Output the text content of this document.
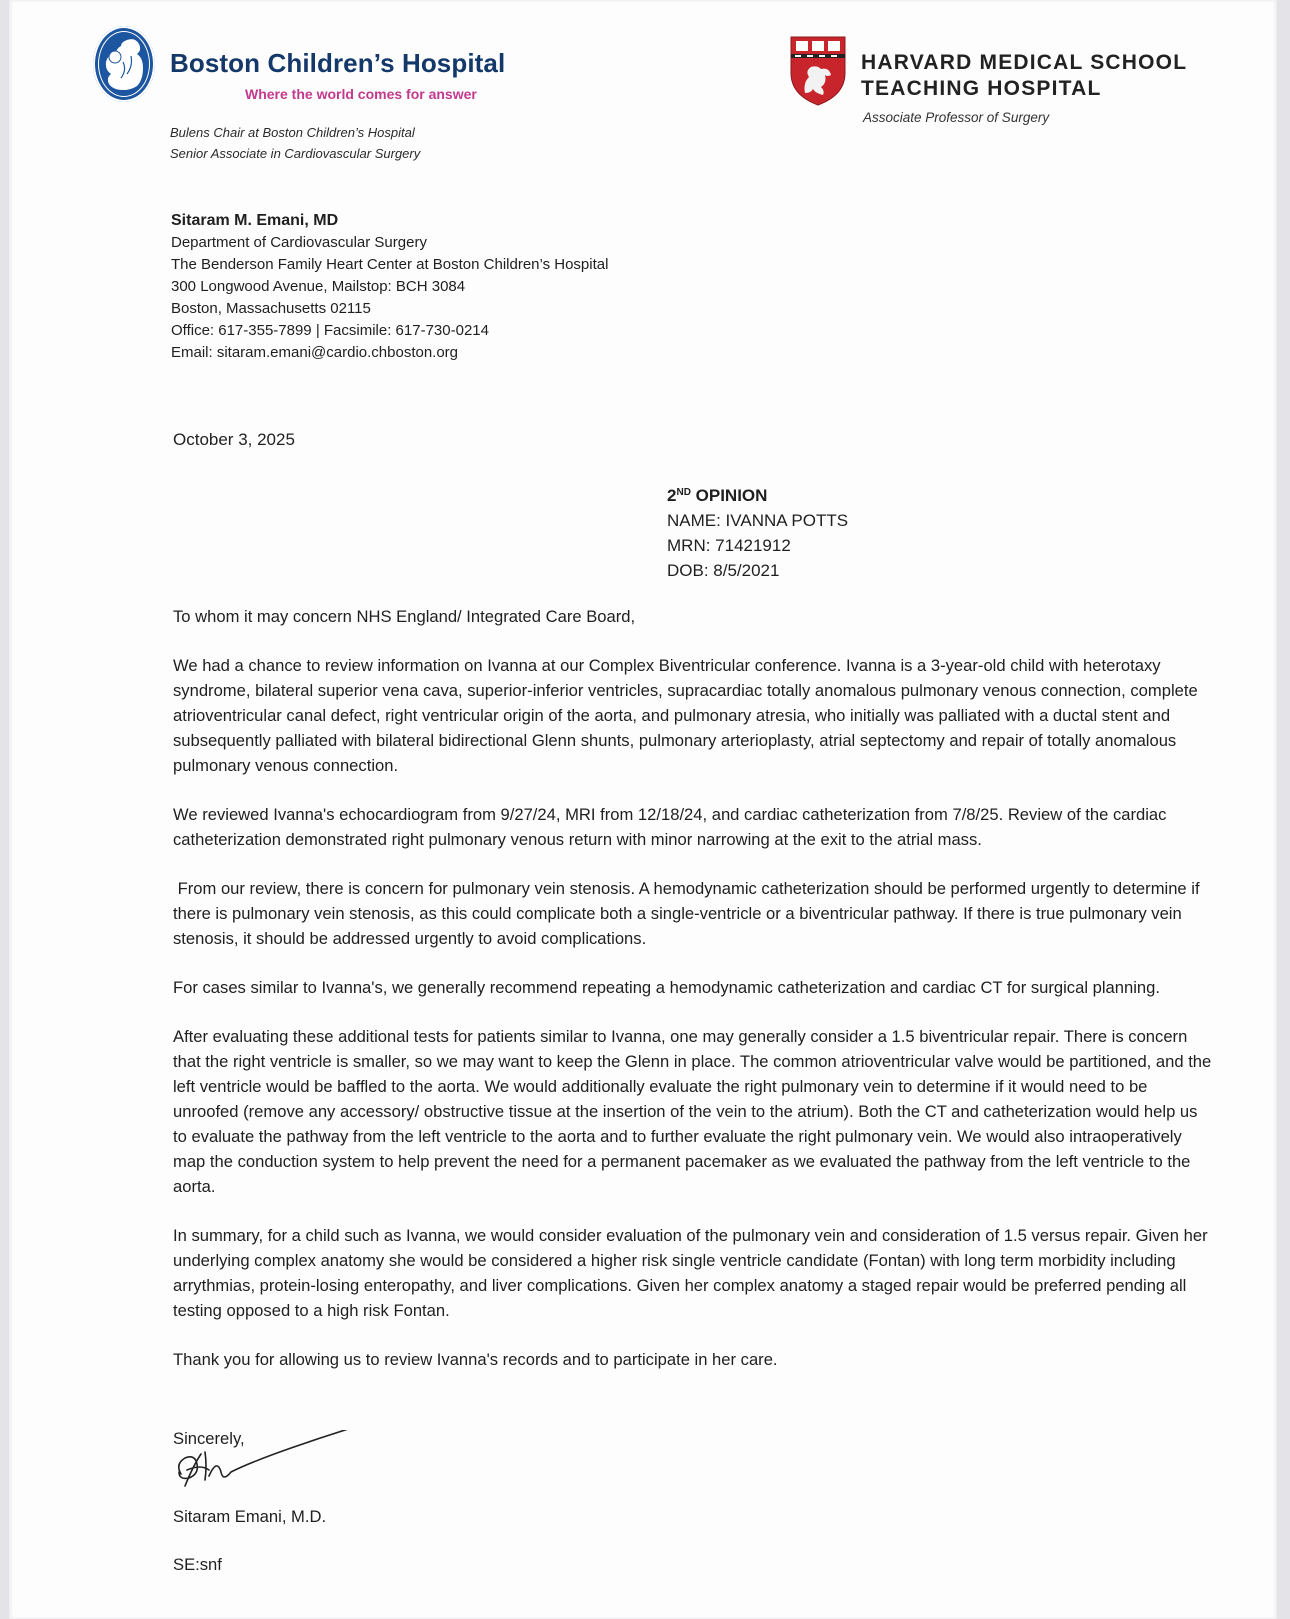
Boston Children’s Hospital
Where the world comes for answer
Bulens Chair at Boston Children’s Hospital
Senior Associate in Cardiovascular Surgery
HARVARD MEDICAL SCHOOL
TEACHING HOSPITAL
Associate Professor of Surgery
Sitaram M. Emani, MD
Department of Cardiovascular Surgery
The Benderson Family Heart Center at Boston Children’s Hospital
300 Longwood Avenue, Mailstop: BCH 3084
Boston, Massachusetts 02115
Office: 617-355-7899 | Facsimile: 617-730-0214
Email: sitaram.emani@cardio.chboston.org
October 3, 2025
2ND OPINION
NAME: IVANNA POTTS
MRN: 71421912
DOB: 8/5/2021

To whom it may concern NHS England/ Integrated Care Board,

We had a chance to review information on Ivanna at our Complex Biventricular conference. Ivanna is a 3-year-old child with heterotaxy syndrome, bilateral superior vena cava, superior-inferior ventricles, supracardiac totally anomalous pulmonary venous connection, complete atrioventricular canal defect, right ventricular origin of the aorta, and pulmonary atresia, who initially was palliated with a ductal stent and subsequently palliated with bilateral bidirectional Glenn shunts, pulmonary arterioplasty, atrial septectomy and repair of totally anomalous pulmonary venous connection.

We reviewed Ivanna's echocardiogram from 9/27/24, MRI from 12/18/24, and cardiac catheterization from 7/8/25. Review of the cardiac catheterization demonstrated right pulmonary venous return with minor narrowing at the exit to the atrial mass.

From our review, there is concern for pulmonary vein stenosis. A hemodynamic catheterization should be performed urgently to determine if there is pulmonary vein stenosis, as this could complicate both a single-ventricle or a biventricular pathway. If there is true pulmonary vein stenosis, it should be addressed urgently to avoid complications.

For cases similar to Ivanna's, we generally recommend repeating a hemodynamic catheterization and cardiac CT for surgical planning.

After evaluating these additional tests for patients similar to Ivanna, one may generally consider a 1.5 biventricular repair. There is concern that the right ventricle is smaller, so we may want to keep the Glenn in place. The common atrioventricular valve would be partitioned, and the left ventricle would be baffled to the aorta. We would additionally evaluate the right pulmonary vein to determine if it would need to be unroofed (remove any accessory/ obstructive tissue at the insertion of the vein to the atrium). Both the CT and catheterization would help us to evaluate the pathway from the left ventricle to the aorta and to further evaluate the right pulmonary vein. We would also intraoperatively map the conduction system to help prevent the need for a permanent pacemaker as we evaluated the pathway from the left ventricle to the aorta.

In summary, for a child such as Ivanna, we would consider evaluation of the pulmonary vein and consideration of 1.5 versus repair. Given her underlying complex anatomy she would be considered a higher risk single ventricle candidate (Fontan) with long term morbidity including arrythmias, protein-losing enteropathy, and liver complications. Given her complex anatomy a staged repair would be preferred pending all testing opposed to a high risk Fontan.

Thank you for allowing us to review Ivanna's records and to participate in her care.

Sincerely,
Sitaram Emani, M.D.
SE:snf
